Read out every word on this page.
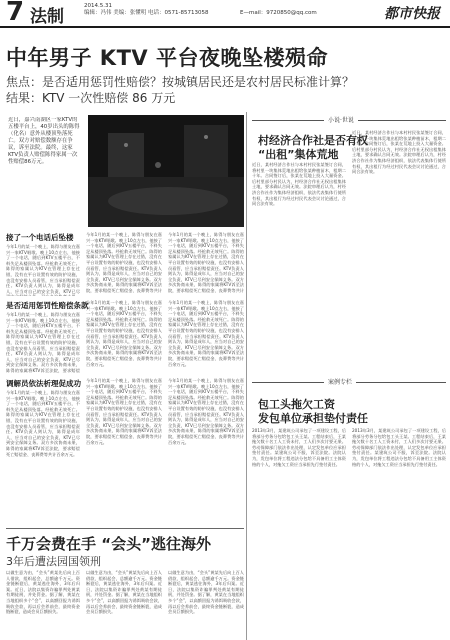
7 法制
2014.5.31
编辑：冯伟 美编：张懂明 电话：0571-85713058	E—mail：9720850@qq.com	都市快报
中年男子 KTV 平台夜晚坠楼殒命
焦点：是否适用惩罚性赔偿？按城镇居民还是农村居民标准计算？
结果：KTV 一次性赔偿 86 万元
近日，嘉兴南湖区一家KTV的五楼平台上，40岁出头的陈得（化名）意外从楼顶坠落死亡。双方对赔偿数额存在争议，诉至法院。最终，这家KTV负责人赔偿陈得家属一次性赔偿86万元。
接了一个电话后坠楼
今年1月的某一个晚上，陈得与朋友在嘉兴一家KTV唱歌。晚上10点左右，他接了一个电话，随后到KTV五楼平台，不料失足从楼顶坠落。经抢救无效死亡。陈得的家属认为KTV在管理上存在过错，没有在平台设置有效的防护设施，也没有安排人员看管，应当承担赔偿责任。KTV负责人则认为，陈得是成年人，应当对自己的安全负责，KTV已尽
今年1月的某一个晚上，陈得与朋友在嘉兴一家KTV唱歌。晚上10点左右，他接了一个电话，随后到KTV五楼平台，不料失足从楼顶坠落。经抢救无效死亡。陈得的家属认为KTV在管理上存在过错，没有在平台设置有效的防护设施，也没有安排人员看管，应当承担赔偿责任。KTV负责人则认为，陈得是成年人，应当对自己的安全负责，KTV已尽到安全保障义务。双方多次协商未果，陈得的家属将KTV诉至法院，要求赔偿死亡赔偿金、丧葬费等共计
今年1月的某一个晚上，陈得与朋友在嘉兴一家KTV唱歌。晚上10点左右，他接了一个电话，随后到KTV五楼平台，不料失足从楼顶坠落。经抢救无效死亡。陈得的家属认为KTV在管理上存在过错，没有在平台设置有效的防护设施，也没有安排人员看管，应当承担赔偿责任。KTV负责人则认为，陈得是成年人，应当对自己的安全负责，KTV已尽到安全保障义务。双方多次协商未果，陈得的家属将KTV诉至法院，要求赔偿死亡赔偿金、丧葬费等共计
是否适用惩罚性赔偿条款
今年1月的某一个晚上，陈得与朋友在嘉兴一家KTV唱歌。晚上10点左右，他接了一个电话，随后到KTV五楼平台，不料失足从楼顶坠落。经抢救无效死亡。陈得的家属认为KTV在管理上存在过错，没有在平台设置有效的防护设施，也没有安排人员看管，应当承担赔偿责任。KTV负责人则认为，陈得是成年人，应当对自己的安全负责，KTV已尽到安全保障义务。双方多次协商未果，陈得的家属将KTV诉至法院，要求赔偿
今年1月的某一个晚上，陈得与朋友在嘉兴一家KTV唱歌。晚上10点左右，他接了一个电话，随后到KTV五楼平台，不料失足从楼顶坠落。经抢救无效死亡。陈得的家属认为KTV在管理上存在过错，没有在平台设置有效的防护设施，也没有安排人员看管，应当承担赔偿责任。KTV负责人则认为，陈得是成年人，应当对自己的安全负责，KTV已尽到安全保障义务。双方多次协商未果，陈得的家属将KTV诉至法院，要求赔偿死亡赔偿金、丧葬费等共计百余万元。
今年1月的某一个晚上，陈得与朋友在嘉兴一家KTV唱歌。晚上10点左右，他接了一个电话，随后到KTV五楼平台，不料失足从楼顶坠落。经抢救无效死亡。陈得的家属认为KTV在管理上存在过错，没有在平台设置有效的防护设施，也没有安排人员看管，应当承担赔偿责任。KTV负责人则认为，陈得是成年人，应当对自己的安全负责，KTV已尽到安全保障义务。双方多次协商未果，陈得的家属将KTV诉至法院，要求赔偿死亡赔偿金、丧葬费等共计百余万元。
调解员依法析理促成功
今年1月的某一个晚上，陈得与朋友在嘉兴一家KTV唱歌。晚上10点左右，他接了一个电话，随后到KTV五楼平台，不料失足从楼顶坠落。经抢救无效死亡。陈得的家属认为KTV在管理上存在过错，没有在平台设置有效的防护设施，也没有安排人员看管，应当承担赔偿责任。KTV负责人则认为，陈得是成年人，应当对自己的安全负责，KTV已尽到安全保障义务。双方多次协商未果，陈得的家属将KTV诉至法院，要求赔偿死亡赔偿金、丧葬费等共计百余万元。
今年1月的某一个晚上，陈得与朋友在嘉兴一家KTV唱歌。晚上10点左右，他接了一个电话，随后到KTV五楼平台，不料失足从楼顶坠落。经抢救无效死亡。陈得的家属认为KTV在管理上存在过错，没有在平台设置有效的防护设施，也没有安排人员看管，应当承担赔偿责任。KTV负责人则认为，陈得是成年人，应当对自己的安全负责，KTV已尽到安全保障义务。双方多次协商未果，陈得的家属将KTV诉至法院，要求赔偿死亡赔偿金、丧葬费等共计百余万元。
今年1月的某一个晚上，陈得与朋友在嘉兴一家KTV唱歌。晚上10点左右，他接了一个电话，随后到KTV五楼平台，不料失足从楼顶坠落。经抢救无效死亡。陈得的家属认为KTV在管理上存在过错，没有在平台设置有效的防护设施，也没有安排人员看管，应当承担赔偿责任。KTV负责人则认为，陈得是成年人，应当对自己的安全负责，KTV已尽到安全保障义务。双方多次协商未果，陈得的家属将KTV诉至法院，要求赔偿死亡赔偿金、丧葬费等共计百余万元。
千万会费在手 “会头”逃往海外
3年后遭法园国领刑
以做生意为由，“会头”黄某先后向上百人借款，组织起会，总额逾千万元。资金链断裂后，黄某逃往海外，3年后归案。近日，法院以集资诈骗罪判处黄某有期徒刑，并处罚金。据了解，黄某在当地组织多个“会”，以高额回报为诱饵吸收会款，再以后会养前会，最终资金链断裂，造成会员巨额损失。
以做生意为由，“会头”黄某先后向上百人借款，组织起会，总额逾千万元。资金链断裂后，黄某逃往海外，3年后归案。近日，法院以集资诈骗罪判处黄某有期徒刑，并处罚金。据了解，黄某在当地组织多个“会”，以高额回报为诱饵吸收会款，再以后会养前会，最终资金链断裂，造成会员巨额损失。
以做生意为由，“会头”黄某先后向上百人借款，组织起会，总额逾千万元。资金链断裂后，黄某逃往海外，3年后归案。近日，法院以集资诈骗罪判处黄某有期徒刑，并处罚金。据了解，黄某在当地组织多个“会”，以高额回报为诱饵吸收会款，再以后会养前会，最终资金链断裂，造成会员巨额损失。
小说·世说
村经济合作社是否有权
“出租”集体荒地
近日，某村经济合作社与本村村民张某签订合同，将村里一块集体荒地出租给张某种植苗木，租期二十年。合同签订后，张某在荒地上投入大量资金。后村里部分村民认为，村经济合作社无权出租集体土地，要求确认合同无效。法院审理后认为，村经济合作社作为集体经济组织，依法代表集体行使所有权，其出租行为经过村民代表会议讨论通过，合同合法有效。
近日，某村经济合作社与本村村民张某签订合同，将村里一块集体荒地出租给张某种植苗木，租期二十年。合同签订后，张某在荒地上投入大量资金。后村里部分村民认为，村经济合作社无权出租集体土地，要求确认合同无效。法院审理后认为，村经济合作社作为集体经济组织，依法代表集体行使所有权，其出租行为经过村民代表会议讨论通过，合同合法有效。
案例专栏
包工头拖欠工资
发包单位承担垫付责任
2013年3月，某建筑公司承包了一项建设工程，后将部分劳务分包给包工头王某。工程结束后，王某拖欠数十名工人工资未付，工人们多次讨要无果。劳动保障部门依法作出处理，认定发包单位应承担垫付责任。某建筑公司不服，诉至法院。法院认为，发包单位将工程违法分包给不具备用工主体资格的个人，对拖欠工资应当承担先行垫付责任。
2013年3月，某建筑公司承包了一项建设工程，后将部分劳务分包给包工头王某。工程结束后，王某拖欠数十名工人工资未付，工人们多次讨要无果。劳动保障部门依法作出处理，认定发包单位应承担垫付责任。某建筑公司不服，诉至法院。法院认为，发包单位将工程违法分包给不具备用工主体资格的个人，对拖欠工资应当承担先行垫付责任。
